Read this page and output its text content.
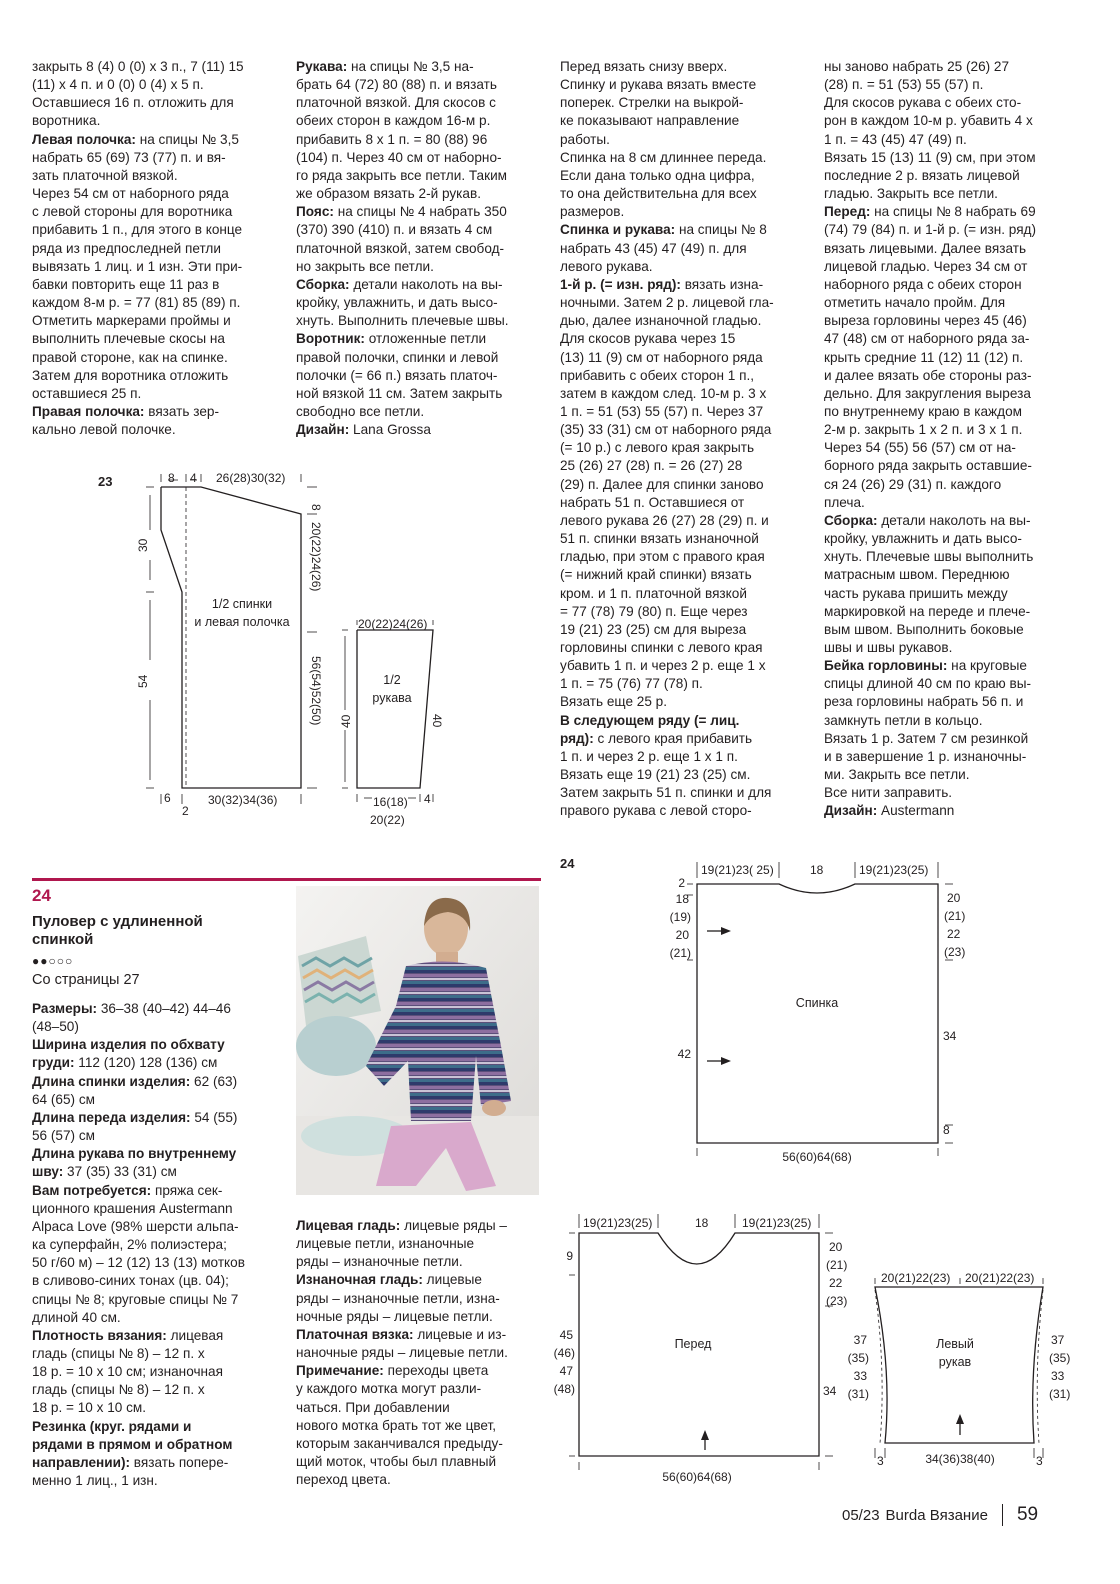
закрыть 8 (4) 0 (0) x 3 п., 7 (11) 15
(11) x 4 п. и 0 (0) 0 (4) x 5 п.
Оставшиеся 16 п. отложить для
воротника.
Левая полочка: на спицы № 3,5
набрать 65 (69) 73 (77) п. и вя-
зать платочной вязкой.
Через 54 см от наборного ряда
с левой стороны для воротника
прибавить 1 п., для этого в конце
ряда из предпоследней петли
вывязать 1 лиц. и 1 изн. Эти при-
бавки повторить еще 11 раз в
каждом 8-м р. = 77 (81) 85 (89) п.
Отметить маркерами проймы и
выполнить плечевые скосы на
правой стороне, как на спинке.
Затем для воротника отложить
оставшиеся 25 п.
Правая полочка: вязать зер-
кально левой полочке.
Рукава: на спицы № 3,5 на-
брать 64 (72) 80 (88) п. и вязать
платочной вязкой. Для скосов с
обеих сторон в каждом 16-м р.
прибавить 8 x 1 п. = 80 (88) 96
(104) п. Через 40 см от наборно-
го ряда закрыть все петли. Таким
же образом вязать 2-й рукав.
Пояс: на спицы № 4 набрать 350
(370) 390 (410) п. и вязать 4 см
платочной вязкой, затем свобод-
но закрыть все петли.
Сборка: детали наколоть на вы-
кройку, увлажнить, и дать высо-
хнуть. Выполнить плечевые швы.
Воротник: отложенные петли
правой полочки, спинки и левой
полочки (= 66 п.) вязать платоч-
ной вязкой 11 см. Затем закрыть
свободно все петли.
Дизайн: Lana Grossa
Перед вязать снизу вверх.
Спинку и рукава вязать вместе
поперек. Стрелки на выкрой-
ке показывают направление
работы.
Спинка на 8 см длиннее переда.
Если дана только одна цифра,
то она действительна для всех
размеров.
Спинка и рукава: на спицы № 8
набрать 43 (45) 47 (49) п. для
левого рукава.
1-й р. (= изн. ряд): вязать изна-
ночными. Затем 2 р. лицевой гла-
дью, далее изнаночной гладью.
Для скосов рукава через 15
(13) 11 (9) см от наборного ряда
прибавить с обеих сторон 1 п.,
затем в каждом след. 10-м р. 3 x
1 п. = 51 (53) 55 (57) п. Через 37
(35) 33 (31) см от наборного ряда
(= 10 р.) с левого края закрыть
25 (26) 27 (28) п. = 26 (27) 28
(29) п. Далее для спинки заново
набрать 51 п. Оставшиеся от
левого рукава 26 (27) 28 (29) п. и
51 п. спинки вязать изнаночной
гладью, при этом с правого края
(= нижний край спинки) вязать
кром. и 1 п. платочной вязкой
= 77 (78) 79 (80) п. Еще через
19 (21) 23 (25) см для выреза
горловины спинки с левого края
убавить 1 п. и через 2 р. еще 1 x
1 п. = 75 (76) 77 (78) п.
Вязать еще 25 р.
В следующем ряду (= лиц.
ряд): с левого края прибавить
1 п. и через 2 р. еще 1 x 1 п.
Вязать еще 19 (21) 23 (25) см.
Затем закрыть 51 п. спинки и для
правого рукава с левой сторо-
ны заново набрать 25 (26) 27
(28) п. = 51 (53) 55 (57) п.
Для скосов рукава с обеих сто-
рон в каждом 10-м р. убавить 4 x
1 п. = 43 (45) 47 (49) п.
Вязать 15 (13) 11 (9) см, при этом
последние 2 р. вязать лицевой
гладью. Закрыть все петли.
Перед: на спицы № 8 набрать 69
(74) 79 (84) п. и 1-й р. (= изн. ряд)
вязать лицевыми. Далее вязать
лицевой гладью. Через 34 см от
наборного ряда с обеих сторон
отметить начало пройм. Для
выреза горловины через 45 (46)
47 (48) см от наборного ряда за-
крыть средние 11 (12) 11 (12) п.
и далее вязать обе стороны раз-
дельно. Для закругления выреза
по внутреннему краю в каждом
2-м р. закрыть 1 x 2 п. и 3 x 1 п.
Через 54 (55) 56 (57) см от на-
борного ряда закрыть оставшие-
ся 24 (26) 29 (31) п. каждого
плеча.
Сборка: детали наколоть на вы-
кройку, увлажнить и дать высо-
хнуть. Плечевые швы выполнить
матрасным швом. Переднюю
часть рукава пришить между
маркировкой на переде и плече-
вым швом. Выполнить боковые
швы и швы рукавов.
Бейка горловины: на круговые
спицы длиной 40 см по краю вы-
реза горловины набрать 56 п. и
замкнуть петли в кольцо.
Вязать 1 р. Затем 7 см резинкой
и в завершение 1 р. изнаночны-
ми. Закрыть все петли.
Все нити заправить.
Дизайн: Austermann
23	8 4 26(28)30(32)
8
20(22)24(26)
56(54)52(50)
30
54
1/2 спинки и левая полочка
6
2
30(32)34(36)
20(22)24(26)
1/2 рукава
40	40
16(18)
20(22)
4
24
Пуловер с удлиненной
спинкой
●●○○○
Со страницы 27
Размеры: 36–38 (40–42) 44–46
(48–50)
Ширина изделия по обхвату
груди: 112 (120) 128 (136) см
Длина спинки изделия: 62 (63)
64 (65) см
Длина переда изделия: 54 (55)
56 (57) см
Длина рукава по внутреннему
шву: 37 (35) 33 (31) см
Вам потребуется: пряжа сек-
ционного крашения Austermann
Alpaca Love (98% шерсти альпа-
ка суперфайн, 2% полиэстера;
50 г/60 м) – 12 (12) 13 (13) мотков
в сливово-синих тонах (цв. 04);
спицы № 8; круговые спицы № 7
длиной 40 см.
Плотность вязания: лицевая
гладь (спицы № 8) – 12 п. x
18 р. = 10 x 10 см; изнаночная
гладь (спицы № 8) – 12 п. x
18 р. = 10 x 10 см.
Резинка (круг. рядами и
рядами в прямом и обратном
направлении): вязать попере-
менно 1 лиц., 1 изн.
Лицевая гладь: лицевые ряды –
лицевые петли, изнаночные
ряды – изнаночные петли.
Изнаночная гладь: лицевые
ряды – изнаночные петли, изна-
ночные ряды – лицевые петли.
Платочная вязка: лицевые и из-
наночные ряды – лицевые петли.
Примечание: переходы цвета
у каждого мотка могут разли-
чаться. При добавлении
нового мотка брать тот же цвет,
которым заканчивался предыду-
щий моток, чтобы был плавный
переход цвета.
24	19(21)23( 25)	18	19(21)23(25)
2
18
(19)
20
(21)
42
20
(21)
22
(23)
34
8
Спинка
56(60)64(68)
19(21)23(25)	18	19(21)23(25)
9
45
(46)
47
(48)
20
(21)
22
(23)
34
Перед
56(60)64(68)
20(21)22(23) 20(21)22(23)
Левый рукав
37
(35)
33
(31)
37
(35)
33
(31)
3	34(36)38(40)	3
05/23 Burda Вязание 59
